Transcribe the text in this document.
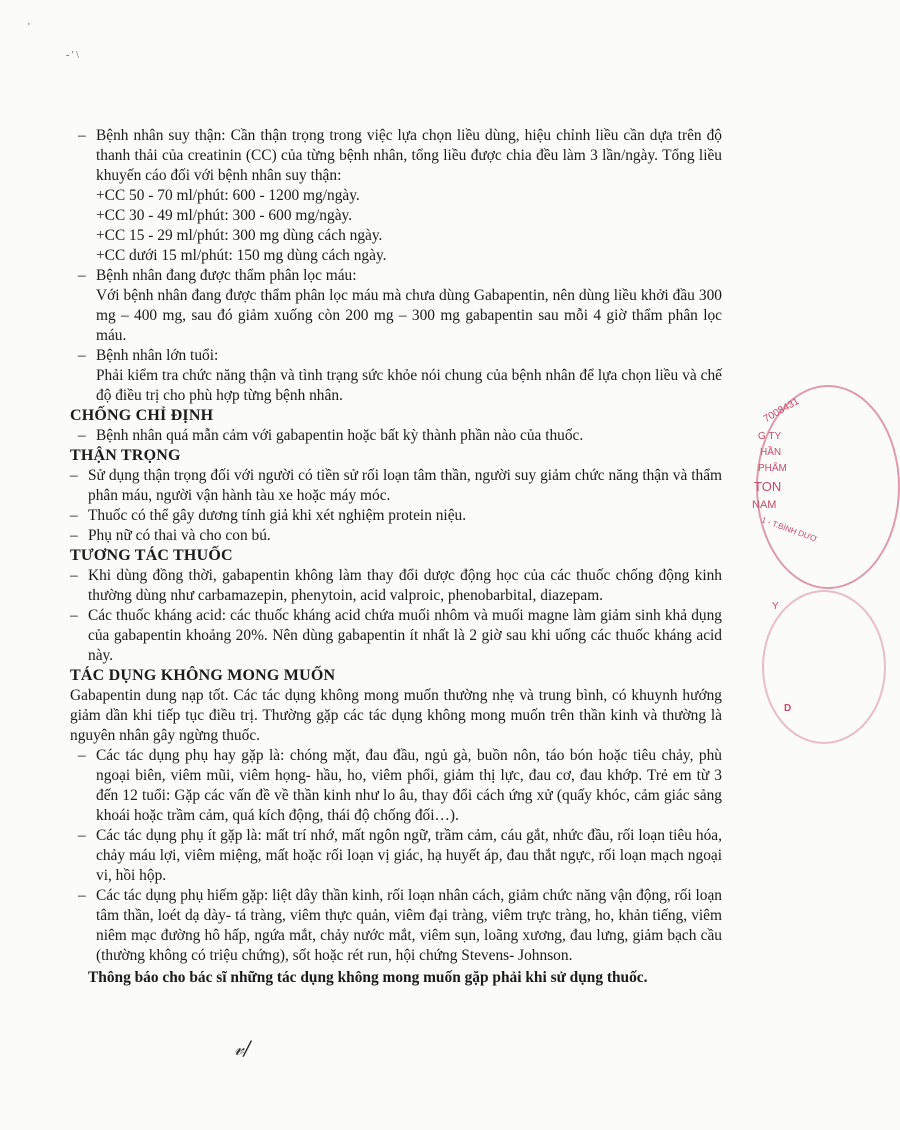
'
- ' \
– Bệnh nhân suy thận: Cần thận trọng trong việc lựa chọn liều dùng, hiệu chỉnh liều cần dựa trên độ thanh thải của creatinin (CC) của từng bệnh nhân, tổng liều được chia đều làm 3 lần/ngày. Tổng liều khuyến cáo đối với bệnh nhân suy thận:
+CC 50 - 70 ml/phút: 600 - 1200 mg/ngày.
+CC 30 - 49 ml/phút: 300 - 600 mg/ngày.
+CC 15 - 29 ml/phút: 300 mg dùng cách ngày.
+CC dưới 15 ml/phút: 150 mg dùng cách ngày.
– Bệnh nhân đang được thẩm phân lọc máu:
Với bệnh nhân đang được thẩm phân lọc máu mà chưa dùng Gabapentin, nên dùng liều khởi đầu 300 mg – 400 mg, sau đó giảm xuống còn 200 mg – 300 mg gabapentin sau mỗi 4 giờ thẩm phân lọc máu.
– Bệnh nhân lớn tuổi:
Phải kiểm tra chức năng thận và tình trạng sức khỏe nói chung của bệnh nhân để lựa chọn liều và chế độ điều trị cho phù hợp từng bệnh nhân.
CHỐNG CHỈ ĐỊNH
– Bệnh nhân quá mẫn cảm với gabapentin hoặc bất kỳ thành phần nào của thuốc.
THẬN TRỌNG
– Sử dụng thận trọng đối với người có tiền sử rối loạn tâm thần, người suy giảm chức năng thận và thẩm phân máu, người vận hành tàu xe hoặc máy móc.
– Thuốc có thể gây dương tính giả khi xét nghiệm protein niệu.
– Phụ nữ có thai và cho con bú.
TƯƠNG TÁC THUỐC
– Khi dùng đồng thời, gabapentin không làm thay đổi dược động học của các thuốc chống động kinh thường dùng như carbamazepin, phenytoin, acid valproic, phenobarbital, diazepam.
– Các thuốc kháng acid: các thuốc kháng acid chứa muối nhôm và muối magne làm giảm sinh khả dụng của gabapentin khoảng 20%. Nên dùng gabapentin ít nhất là 2 giờ sau khi uống các thuốc kháng acid này.
TÁC DỤNG KHÔNG MONG MUỐN
Gabapentin dung nạp tốt. Các tác dụng không mong muốn thường nhẹ và trung bình, có khuynh hướng giảm dần khi tiếp tục điều trị. Thường gặp các tác dụng không mong muốn trên thần kinh và thường là nguyên nhân gây ngừng thuốc.
– Các tác dụng phụ hay gặp là: chóng mặt, đau đầu, ngủ gà, buồn nôn, táo bón hoặc tiêu chảy, phù ngoại biên, viêm mũi, viêm họng- hầu, ho, viêm phổi, giảm thị lực, đau cơ, đau khớp. Trẻ em từ 3 đến 12 tuổi: Gặp các vấn đề về thần kinh như lo âu, thay đổi cách ứng xử (quấy khóc, cảm giác sảng khoái hoặc trầm cảm, quá kích động, thái độ chống đối…).
– Các tác dụng phụ ít gặp là: mất trí nhớ, mất ngôn ngữ, trầm cảm, cáu gắt, nhức đầu, rối loạn tiêu hóa, chảy máu lợi, viêm miệng, mất hoặc rối loạn vị giác, hạ huyết áp, đau thắt ngực, rối loạn mạch ngoại vi, hồi hộp.
– Các tác dụng phụ hiếm gặp: liệt dây thần kinh, rối loạn nhân cách, giảm chức năng vận động, rối loạn tâm thần, loét dạ dày- tá tràng, viêm thực quản, viêm đại tràng, viêm trực tràng, ho, khản tiếng, viêm niêm mạc đường hô hấp, ngứa mắt, chảy nước mắt, viêm sụn, loãng xương, đau lưng, giảm bạch cầu (thường không có triệu chứng), sốt hoặc rét run, hội chứng Stevens- Johnson.
Thông báo cho bác sĩ những tác dụng không mong muốn gặp phải khi sử dụng thuốc.
7008431
G TY
HẦN
PHẨM
TON
NAM
1 - T.BÌNH DƯƠ
Y
D
𝓋/
